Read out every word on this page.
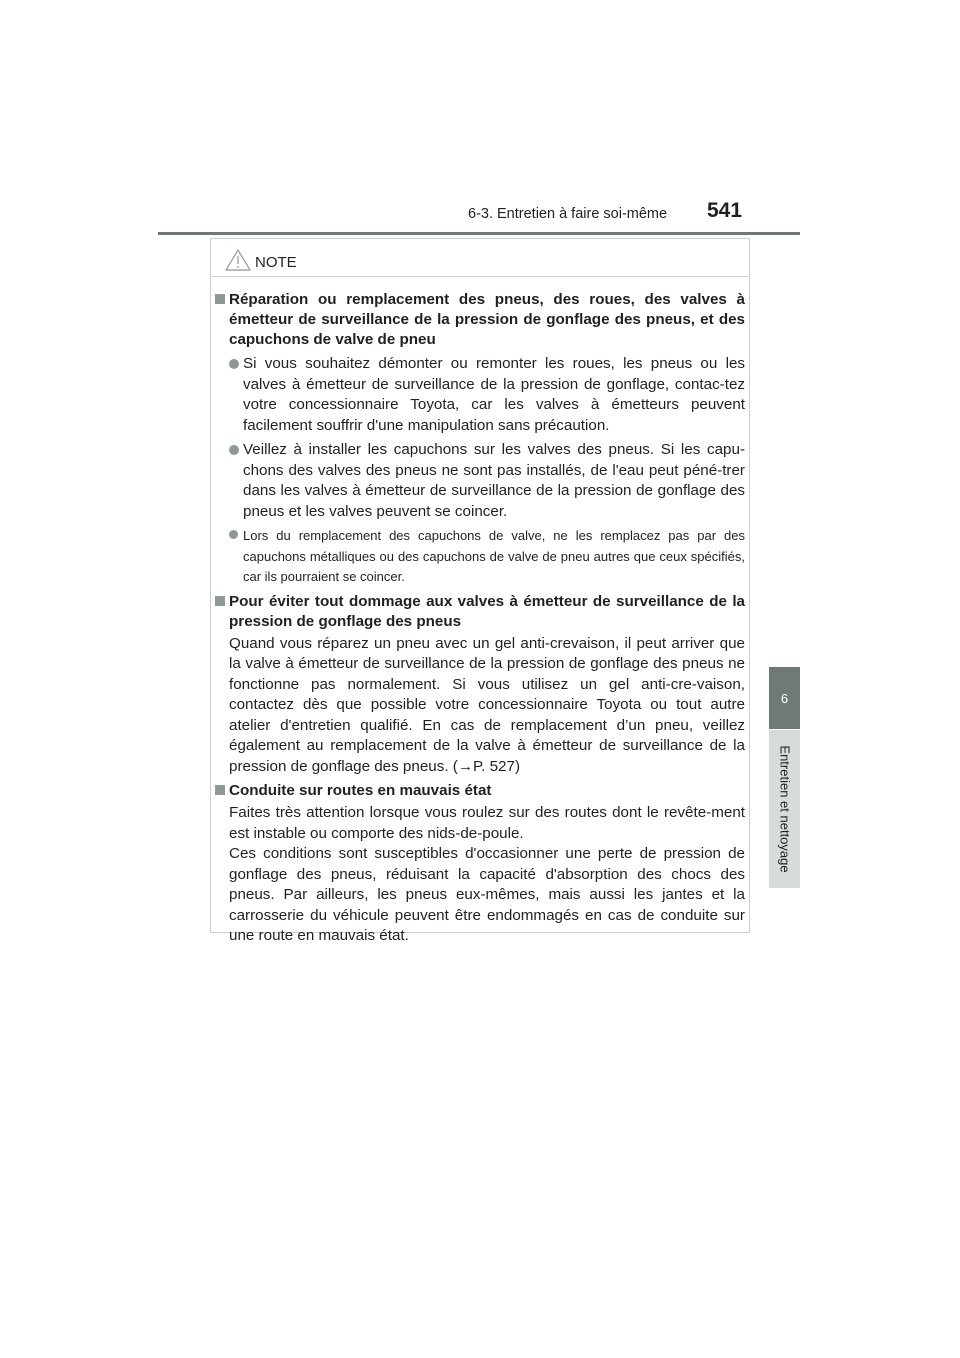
6-3. Entretien à faire soi-même 541
6
Entretien et nettoyage
NOTE
Réparation ou remplacement des pneus, des roues, des valves à émetteur de surveillance de la pression de gonflage des pneus, et des capuchons de valve de pneu
Si vous souhaitez démonter ou remonter les roues, les pneus ou les valves à émetteur de surveillance de la pression de gonflage, contac-tez votre concessionnaire Toyota, car les valves à émetteurs peuvent facilement souffrir d'une manipulation sans précaution.
Veillez à installer les capuchons sur les valves des pneus. Si les capu-chons des valves des pneus ne sont pas installés, de l'eau peut péné-trer dans les valves à émetteur de surveillance de la pression de gonflage des pneus et les valves peuvent se coincer.
Lors du remplacement des capuchons de valve, ne les remplacez pas par des capuchons métalliques ou des capuchons de valve de pneu autres que ceux spécifiés, car ils pourraient se coincer.
Pour éviter tout dommage aux valves à émetteur de surveillance de la pression de gonflage des pneus
Quand vous réparez un pneu avec un gel anti-crevaison, il peut arriver que la valve à émetteur de surveillance de la pression de gonflage des pneus ne fonctionne pas normalement. Si vous utilisez un gel anti-cre-vaison, contactez dès que possible votre concessionnaire Toyota ou tout autre atelier d'entretien qualifié. En cas de remplacement d’un pneu, veillez également au remplacement de la valve à émetteur de surveillance de la pression de gonflage des pneus. (→P. 527)
Conduite sur routes en mauvais état
Faites très attention lorsque vous roulez sur des routes dont le revête-ment est instable ou comporte des nids-de-poule.
Ces conditions sont susceptibles d'occasionner une perte de pression de gonflage des pneus, réduisant la capacité d'absorption des chocs des pneus. Par ailleurs, les pneus eux-mêmes, mais aussi les jantes et la carrosserie du véhicule peuvent être endommagés en cas de conduite sur une route en mauvais état.
